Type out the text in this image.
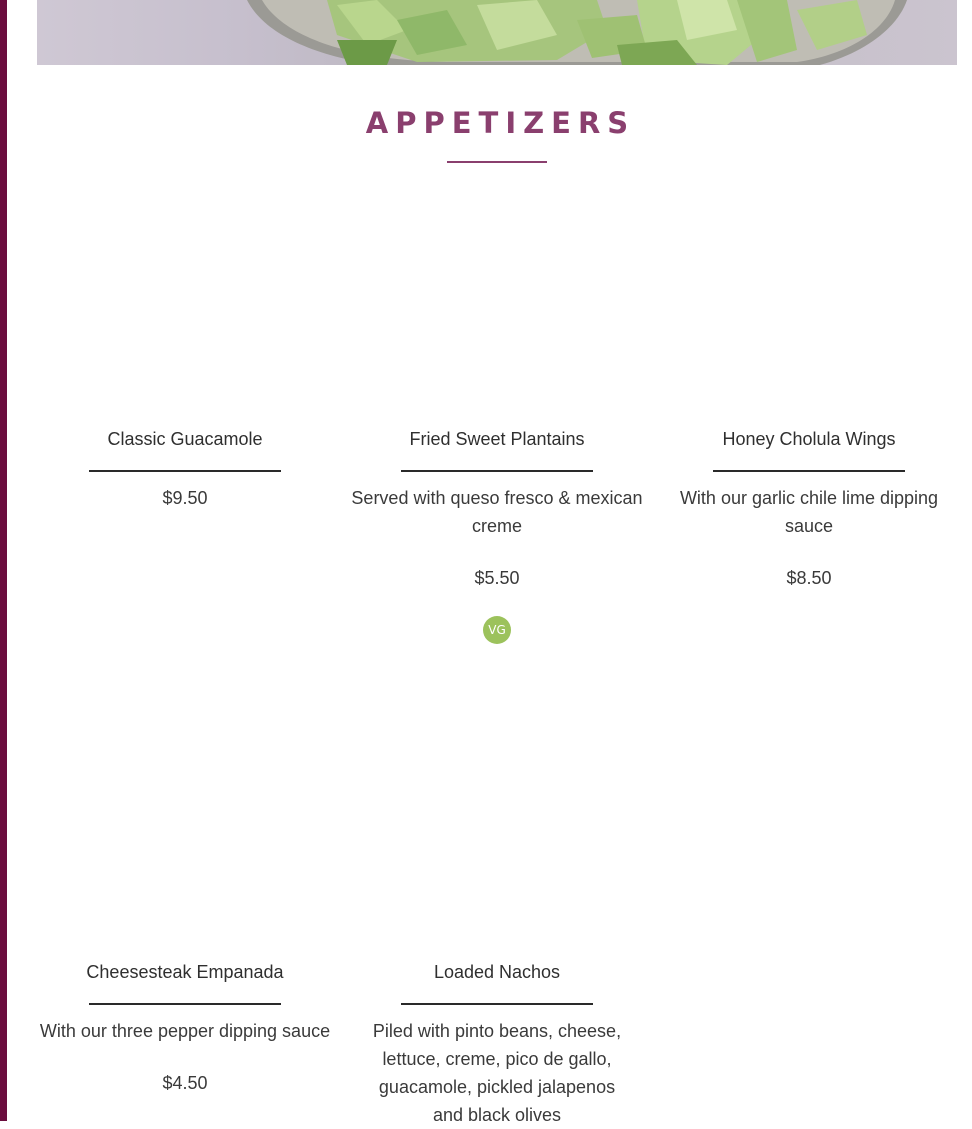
APPETIZERS
Classic Guacamole
$9.50
Fried Sweet Plantains
Served with queso fresco & mexican creme
$5.50
VG
Honey Cholula Wings
With our garlic chile lime dipping sauce
$8.50
Cheesesteak Empanada
With our three pepper dipping sauce
$4.50
Loaded Nachos
Piled with pinto beans, cheese, lettuce, creme, pico de gallo, guacamole, pickled jalapenos and black olives
